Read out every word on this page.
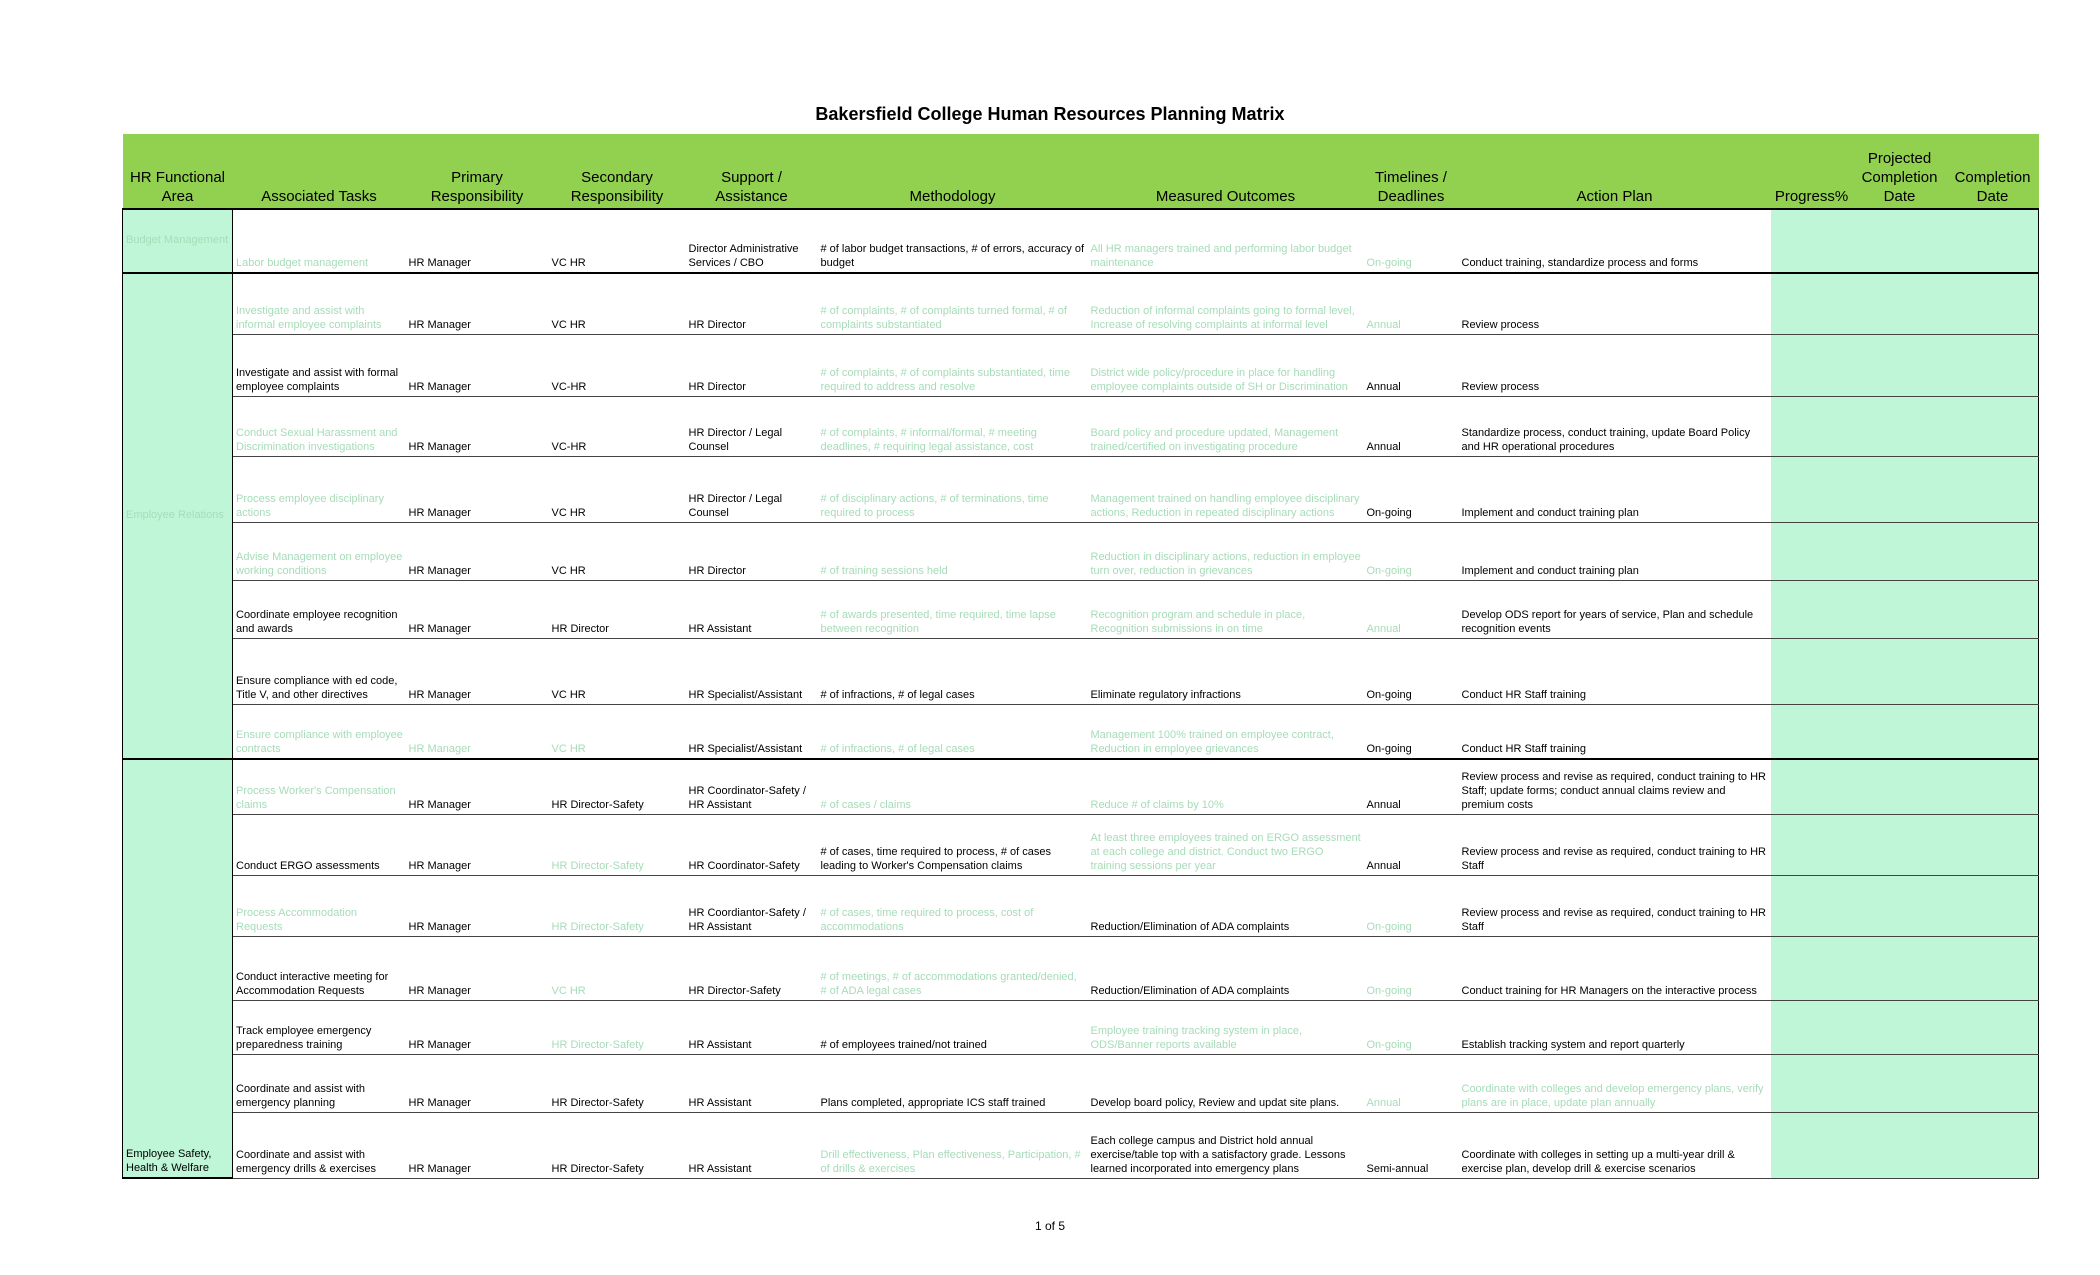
Bakersfield College Human Resources Planning Matrix
HR Functional Area	Associated Tasks	Primary Responsibility	Secondary Responsibility	Support / Assistance	Methodology	Measured Outcomes	Timelines / Deadlines	Action Plan	Progress%	Projected Completion Date	Completion Date
Budget Management	Labor budget management	HR Manager	VC HR	Director Administrative Services / CBO	# of labor budget transactions, # of errors, accuracy of budget	All HR managers trained and performing labor budget maintenance	On-going	Conduct training, standardize process and forms			
Employee Relations	Investigate and assist with informal employee complaints	HR Manager	VC HR	HR Director	# of complaints, # of complaints turned formal, # of complaints substantiated	Reduction of informal complaints going to formal level, Increase of resolving complaints at informal level	Annual	Review process			
	Investigate and assist with formal employee complaints	HR Manager	VC-HR	HR Director	# of complaints, # of complaints substantiated, time required to address and resolve	District wide policy/procedure in place for handling employee complaints outside of SH or Discrimination	Annual	Review process			
	Conduct Sexual Harassment and Discrimination investigations	HR Manager	VC-HR	HR Director / Legal Counsel	# of complaints, # informal/formal, # meeting deadlines, # requiring legal assistance, cost	Board policy and procedure updated, Management trained/certified on investigating procedure	Annual	Standardize process, conduct training, update Board Policy and HR operational procedures			
	Process employee disciplinary actions	HR Manager	VC HR	HR Director / Legal Counsel	# of disciplinary actions, # of terminations, time required to process	Management trained on handling employee disciplinary actions, Reduction in repeated disciplinary actions	On-going	Implement and conduct training plan			
	Advise Management on employee working conditions	HR Manager	VC HR	HR Director	# of training sessions held	Reduction in disciplinary actions, reduction in employee turn over, reduction in grievances	On-going	Implement and conduct training plan			
	Coordinate employee recognition and awards	HR Manager	HR Director	HR Assistant	# of awards presented, time required, time lapse between recognition	Recognition program and schedule in place, Recognition submissions in on time	Annual	Develop ODS report for years of service, Plan and schedule recognition events			
	Ensure compliance with ed code, Title V, and other directives	HR Manager	VC HR	HR Specialist/Assistant	# of infractions, # of legal cases	Eliminate regulatory infractions	On-going	Conduct HR Staff training			
	Ensure compliance with employee contracts	HR Manager	VC HR	HR Specialist/Assistant	# of infractions, # of legal cases	Management 100% trained on employee contract, Reduction in employee grievances	On-going	Conduct HR Staff training			
Employee Safety, Health & Welfare	Process Worker's Compensation claims	HR Manager	HR Director-Safety	HR Coordinator-Safety / HR Assistant	# of cases / claims	Reduce # of claims by 10%	Annual	Review process and revise as required, conduct training to HR Staff; update forms; conduct annual claims review and premium costs			
	Conduct ERGO assessments	HR Manager	HR Director-Safety	HR Coordinator-Safety	# of cases, time required to process, # of cases leading to Worker's Compensation claims	At least three employees trained on ERGO assessment at each college and district. Conduct two ERGO training sessions per year	Annual	Review process and revise as required, conduct training to HR Staff			
	Process Accommodation Requests	HR Manager	HR Director-Safety	HR Coordiantor-Safety / HR Assistant	# of cases, time required to process, cost of accommodations	Reduction/Elimination of ADA complaints	On-going	Review process and revise as required, conduct training to HR Staff			
	Conduct interactive meeting for Accommodation Requests	HR Manager	VC HR	HR Director-Safety	# of meetings, # of accommodations granted/denied, # of ADA legal cases	Reduction/Elimination of ADA complaints	On-going	Conduct training for HR Managers on the interactive process			
	Track employee emergency preparedness training	HR Manager	HR Director-Safety	HR Assistant	# of employees trained/not trained	Employee training tracking system in place, ODS/Banner reports available	On-going	Establish tracking system and report quarterly			
	Coordinate and assist with emergency planning	HR Manager	HR Director-Safety	HR Assistant	Plans completed, appropriate ICS staff trained	Develop board policy, Review and updat site plans.	Annual	Coordinate with colleges and develop emergency plans, verify plans are in place, update plan annually			
	Coordinate and assist with emergency drills & exercises	HR Manager	HR Director-Safety	HR Assistant	Drill effectiveness, Plan effectiveness, Participation, # of drills & exercises	Each college campus and District hold annual exercise/table top with a satisfactory grade. Lessons learned incorporated into emergency plans	Semi-annual	Coordinate with colleges in setting up a multi-year drill & exercise plan, develop drill & exercise scenarios			
1 of 5
